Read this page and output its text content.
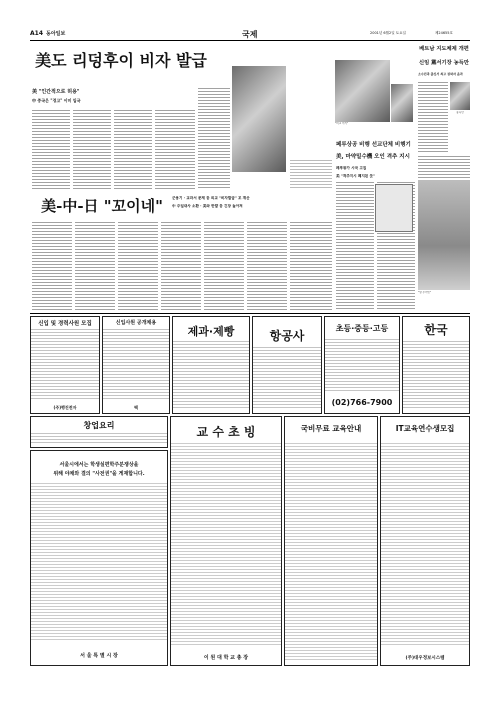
A14 동아일보	국제	2001년 6월2일 토요일	제24655호
美도 리덩후이 비자 발급
美 "인간적으로 허용"
中 중국은 "경고" 이미 입국
美-中-日 "꼬이네"	군용기 · 교과서 문제 등 외교 "비자발급" 꼬 계산
中 주일대사 소환 · 美와 반발 등 긴장 높아져
"비교 이기"
페루상공 비행 선교단체 비행기
美, 마약밀수機 오인 격추 지시
페루왕가 시국 고집
美 "격추지시 폐지된 듯"
베트남 지도체제 개편
신임 黨서기장 농득만
소수민족 출신서 최고 권력자 올라
농득만
"알 수녀인"
신입 및 경력사원 모집
(주)행진전자
신입사원 공개채용
팩
제과·제빵	항공사
초등·중등·고등
(02)766-7900
한국
창업요리
서울시에서는 학생실편학주분쟁상을
위해 야채와 결의 "사전권"을 게재합니다.
서 울 특 별 시 장
교 수 초 빙
이 원 대 학 교 총 장
국비무료 교육안내	IT교육연수생모집
(주)대우정보시스템
